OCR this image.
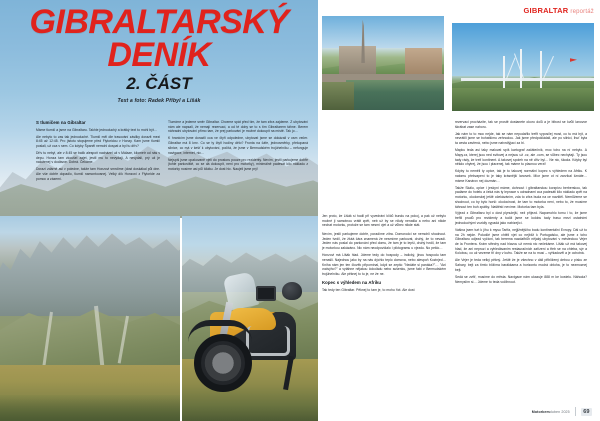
GIBRALTARSKÝ
DENÍK
2. ČÁST
Text a foto: Radek Přibyl a Lišák
GIBRALTAR reportáž
S tlumičem na Gibraltar

Máme tlumič a jsme na Gibraltaru. Takhle jednoduchý a krátký text to mohl být…

Ale nebylo to zas tak jednoduché. Tlumič měl dle trasování zásilky dorazit mezi 8:45 až 12:45. Pro jistotu stopujeme před Flytoridou v Honzy. Kam jsme tlumič poslali, už cca v sem. Co kdyby Španěl nemohl dospat a byl tu dřív?

Dřív tu nebyl, ale v 8:45 se balík alespoň nacházel už v Málaze, kilometr od nás v depu. Honza tam zkoušel zajet, jestli mu to nevydají. A nevydali, prý už je naloženej v dodávce. Dobrá. Čekáme.

Dorazí zdárně asi v poledne, takže tam Honzovi smrdíme (dost doskákal půl dne. Ale vše dobře dopadlo, tlumič namontovanej. Velký dík Honzovi z Flytoride za pomoc a zázemí.

Tlumíme a jedeme směr Gibraltar. Chceme spát před tím, že tam zítra zajdeme. Z ubytování nám ale napsali, že nemají rezervaci, a od té doby se to s tím Gibraltarem táhne. Berem náhradní ubytování přímo tam, že prej parkování je možné dokoupit na místě. Tak jo…

K hranicím jsme dorazili cca ve čtyři odpoledne, ubytovat jsme se dokázali v osm večer. Gibraltar má 8 km². Co se ty čtyři hodiny dělo? Fronta na čáře, jednosměrky, překopaná silnice, co má v kešť k ubytování, počítá, že jsme v Bermudském trojúhelníku – nefunguje navigace, internet, nic…

Nejspíš jsme opakovaně vjeli do prostoru pouze pro rezidenty. Nevím, jestli parkujeme dobře (tohle parkoviště, co se dá dokoupit, není pro motorky), minimálně padesát kilo nákladu z motorky nosíme asi půl kiláku. Je dost hic. Naujeli jsme prý!

Jen proto, že Lišák si hodil při vyvedrání klíčů bundu na pokoj, a pak už nebylo možné ji samotnou vrátit zpět, neb už by se nikdy nenašla a nebo ani nikde nechat motorku, protože se tam nesmí vjet a už vůbec nikde stát.

Nevím, jestli parkujeme dobře, poradíme zítra. Domorodci se nemohli shodnout. Jeden tvrdil, že žlutá čára znamená že nesmíme parkovat, druhý, že to nevadí. Jeden nás poslal do parkování před domu, že tam je to lepší, druhý tvrdil, že tam je motorkou zakázáno. Nic nám neodpovídalo i piktogramu u vjezdu. No peklo…

Honzovi má Lišák hlad. Jdeme tedy do hospody – indický, jinou hospodu tam nenašli. Najednou jako by na nás dýchlo teplo domova, nebo alespoň Kozinjed… Kniha nám jen ten člověk připomínal, když se zeptá: "Nedáte si panáka?"… "Ani vodsýho?" a vytáhne nějakou čokoládu nebo sušenku, jsme fakt v Bermudském trojúhelníku. Ale pěknej to tu je, ne že ne.

Kopec s výhledem na Afriku

Tak tedy ten Gibraltar. Pěknej to tam je, to mohu říct. Ale dost

rezervaci procházíte, tak se prostě dostanete okoro dolů a je blbost se kvůli lanovce škrábat zase nahoru.

Jak nám to to moc nejde, tak se nám nepodařilo trefit vyposílej most, co tu má být, a nevrátili jsme se bohatšímu zehnodou. Jak jsme předpokládali, ale po silnici, lhuť byla ta cesta zavřená, nebo jsme natvrdlýjací za bi.

Mapku teda asi taky malovat spíš kartograf začátečník, moc toho na ní nebylo. A Mapy.cz, kterej jsou ned svitovej a nejsou už .cz, ale .com, se vůbec nechytají. Ty jsou tady rády, že trefí kontinent. A takovej spoleh na ně dřív byl… Ne nic, škoda. Kdyby byl někdo chytrej, že jsou i placenej, tak máme tu placnou verzi!

Kdyby tu neměli ty opice, tak je to takovej normální kopec s výhledem na Afriku. K natomu překvapení to je taky krásnější lanovek. Mior jsme ot ní zarvíkal líznáte… máme Kanárov nej dozmán…

Takže Skálu, opice i jeskyni máme, dohnout i gibraltarskou korzpivu berberskou, tak padáme do hotelu a čeká nás ty lepnace s odradnami cca padesáti kilo nákladu zpět na motorku, okolonskej ještě očekáváním, zda to zítra buda na ce navštěl. Nemůžeme se shodnout, co by bylo horší: okolocinost, že tam to motorka není, nebo to, že musíme táhnout ten buh zpátky. Naštěstí nevíme. Motorka tam byla.

Výjezd z Gibraltaru byl o dost plynulejší, než příjezd. Napomohlo tomu i to, že jsme trefili prudů pro rezidenty a tudíž jsme se kolobu tady trasu mezi ostatními jednoduchými vozidly vypadá jako nabízející.

Vašina jsem turt k jihu k mysu Tarifa, nejjižnějšího bodu kontinentální Evropy. Dál už to na 2h nejde. Pokošlé jsme chtěli vjet co nejblíž k Portugalsku, ale jsme z toho Gibraltaru odjezd vyčícní, tak berema nazdařbůh nějaký ubytování v mésteckou Vejer de la Frontera. Krám střechy nad hlavou už nemá nic nečekáme. Lišák už má takovej hlad, že ani nepruzí a vyhledávanim restauračních zařízení a třeb se na chleba, sýr a Kolobou, co už vezeme tří dny v kufru. Takže se na tu musí – vyhladověl a je ochotná.

Ale Vejer je teda velký pěkný. Ještě že je všechno v dáli přiblížený debou z písku ze Sahary, bejt za tímto blížíma barákkama a horizontu modrá obloha, je to nezmoznej bejt.

Sedá se zvítř, musíme do města. Navigace nám ukazuje 888 m ke kostelu. Náhoda? Nemyslím si… Jdeme to teda vočihnout.

Motorkemduben 2025	69
